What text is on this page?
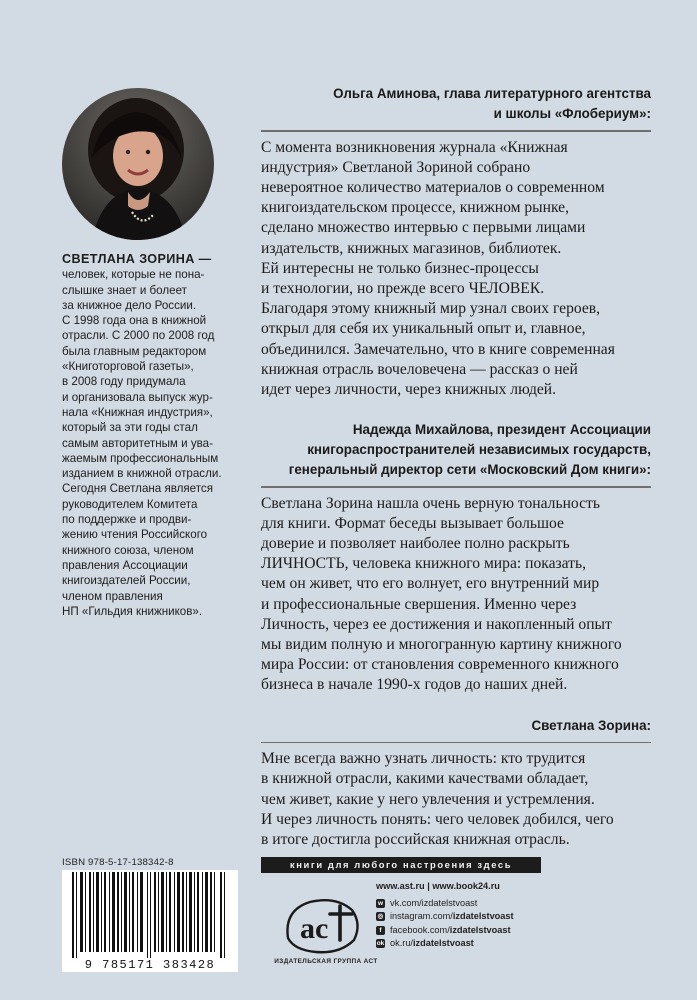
СВЕТЛАНА ЗОРИНА —
человек, которые не пона-
слышке знает и болеет
за книжное дело России.
С 1998 года она в книжной
отрасли. С 2000 по 2008 год
была главным редактором
«Книготорговой газеты»,
в 2008 году придумала
и организовала выпуск жур-
нала «Книжная индустрия»,
который за эти годы стал
самым авторитетным и ува-
жаемым профессиональным
изданием в книжной отрасли.
Сегодня Светлана является
руководителем Комитета
по поддержке и продви-
жению чтения Российского
книжного союза, членом
правления Ассоциации
книгоиздателей России,
членом правления
НП «Гильдия книжников».
Ольга Аминова, глава литературного агентства
и школы «Флобериум»:
С момента возникновения журнала «Книжная
индустрия» Светланой Зориной собрано
невероятное количество материалов о современном
книгоиздательском процессе, книжном рынке,
сделано множество интервью с первыми лицами
издательств, книжных магазинов, библиотек.
Ей интересны не только бизнес-процессы
и технологии, но прежде всего ЧЕЛОВЕК.
Благодаря этому книжный мир узнал своих героев,
открыл для себя их уникальный опыт и, главное,
объединился. Замечательно, что в книге современная
книжная отрасль вочеловечена — рассказ о ней
идет через личности, через книжных людей.
Надежда Михайлова, президент Ассоциации
книгораспространителей независимых государств,
генеральный директор сети «Московский Дом книги»:
Светлана Зорина нашла очень верную тональность
для книги. Формат беседы вызывает большое
доверие и позволяет наиболее полно раскрыть
ЛИЧНОСТЬ, человека книжного мира: показать,
чем он живет, что его волнует, его внутренний мир
и профессиональные свершения. Именно через
Личность, через ее достижения и накопленный опыт
мы видим полную и многогранную картину книжного
мира России: от становления современного книжного
бизнеса в начале 1990-х годов до наших дней.
Светлана Зорина:
Мне всегда важно узнать личность: кто трудится
в книжной отрасли, какими качествами обладает,
чем живет, какие у него увлечения и устремления.
И через личность понять: чего человек добился, чего
в итоге достигла российская книжная отрасль.
ISBN 978-5-17-138342-8
9 785171 383428
книги для любого настроения здесь
ac
ИЗДАТЕЛЬСКАЯ ГРУППА АСТ
www.ast.ru | www.book24.ru
w vk.com/izdatelstvoast
◎ instagram.com/izdatelstvoast
f facebook.com/izdatelstvoast
ok ok.ru/izdatelstvoast
